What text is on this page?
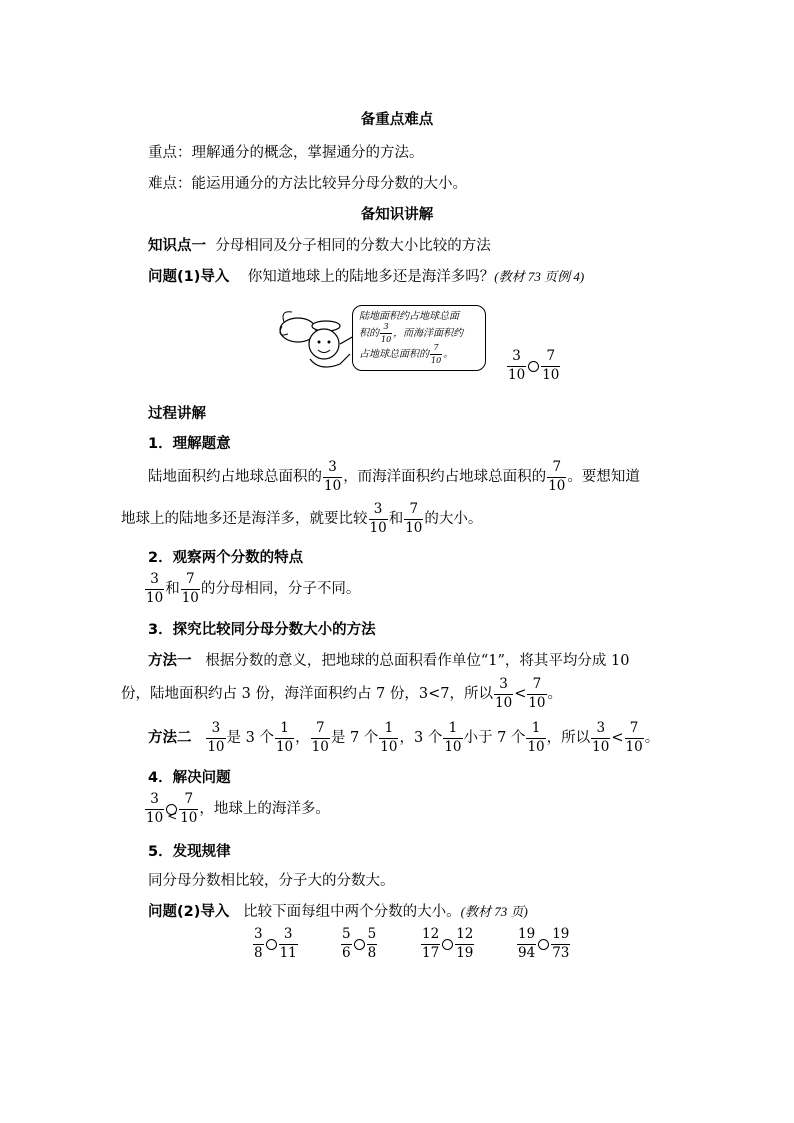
备重点难点
重点：理解通分的概念，掌握通分的方法。
难点：能运用通分的方法比较异分母分数的大小。
备知识讲解
知识点一 分母相同及分子相同的分数大小比较的方法
问题(1)导入 你知道地球上的陆地多还是海洋多吗？(教材 73 页例 4)
陆地面积约占地球总面
积的 $\frac{3}{10}$ ，而海洋面积约
占地球总面积的 $\frac{7}{10}$ 。	$\frac{3}{10} \frac{7}{10}$
过程讲解
1．理解题意
陆地面积约占地球总面积的 $\frac{3}{10}$ ，而海洋面积约占地球总面积的 $\frac{7}{10}$ 。要想知道
地球上的陆地多还是海洋多，就要比较 $\frac{3}{10}$ 和 $\frac{7}{10}$ 的大小。
2．观察两个分数的特点
$\frac{3}{10}$ 和 $\frac{7}{10}$ 的分母相同，分子不同。
3．探究比较同分母分数大小的方法
方法一 根据分数的意义，把地球的总面积看作单位“1”，将其平均分成 10
份，陆地面积约占 3 份，海洋面积约占 7 份，3<7，所以 $\frac{3}{10} < \frac{7}{10}$ 。
方法二 $\frac{3}{10}$ 是 3 个 $\frac{1}{10}$ ， $\frac{7}{10}$ 是 7 个 $\frac{1}{10}$ ，3 个 $\frac{1}{10}$ 小于 7 个 $\frac{1}{10}$ ，所以 $\frac{3}{10} < \frac{7}{10}$ 。
4．解决问题
$\frac{3}{10}$
< $\frac{7}{10}$ ，地球上的海洋多。
5．发现规律
同分母分数相比较，分子大的分数大。
问题(2)导入 比较下面每组中两个分数的大小。(教材 73 页)
$\frac{3}{8} \frac{3}{11}$	$\frac{5}{6} \frac{5}{8}$	$\frac{12}{17} \frac{12}{19}$	$\frac{19}{94} \frac{19}{73}$
